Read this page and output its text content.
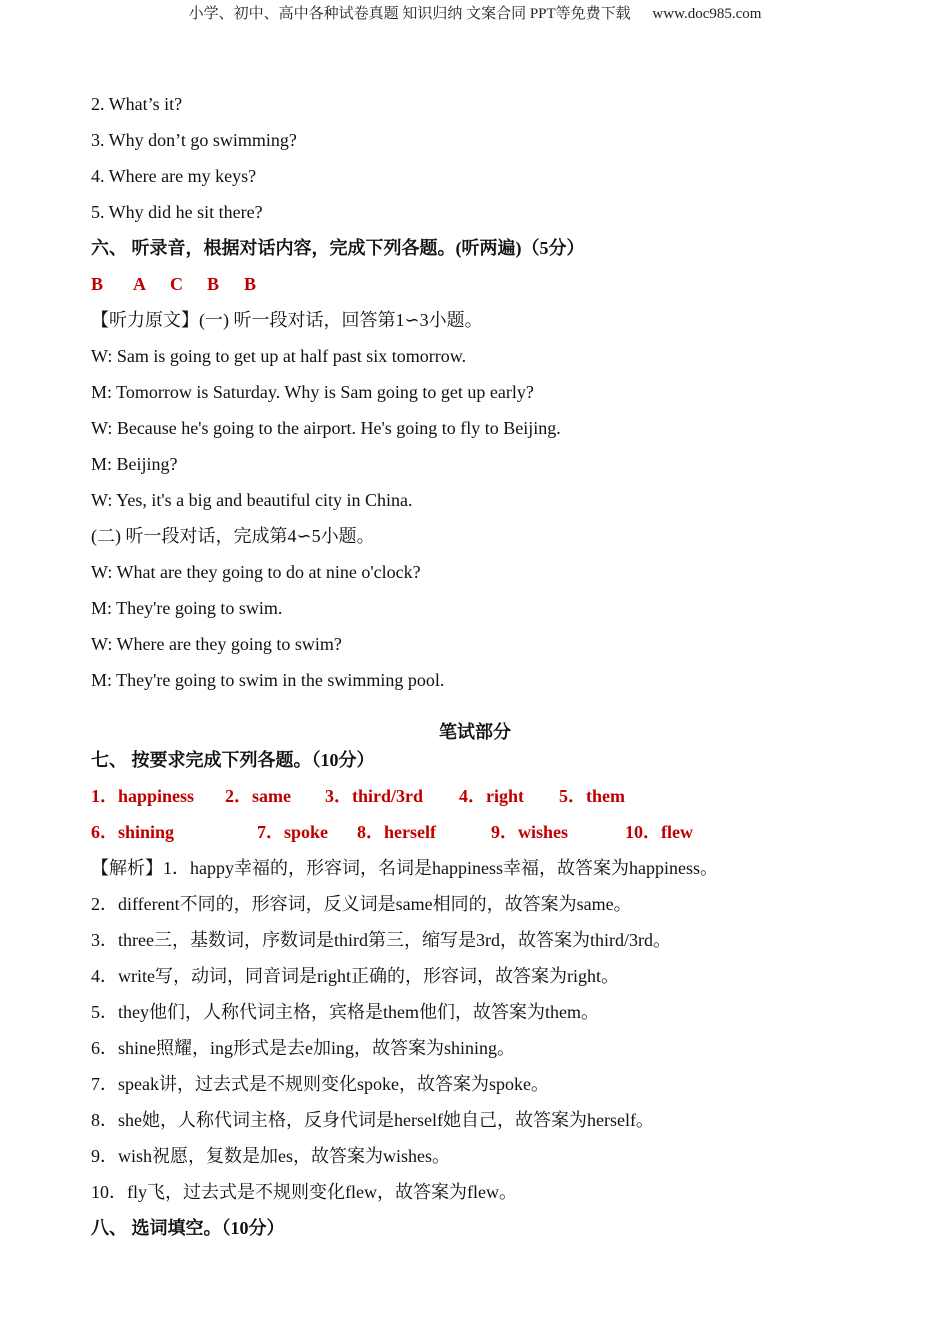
小学、初中、高中各种试卷真题 知识归纳 文案合同 PPT等免费下载 www.doc985.com
2. What’s it?
3. Why don’t go swimming?
4. Where are my keys?
5. Why did he sit there?
六、 听录音，根据对话内容，完成下列各题。(听两遍)（5分）
B A C B B
【听力原文】(一) 听一段对话，回答第1∽3小题。
W: Sam is going to get up at half past six tomorrow.
M: Tomorrow is Saturday. Why is Sam going to get up early?
W: Because he's going to the airport. He's going to fly to Beijing.
M: Beijing?
W: Yes, it's a big and beautiful city in China.
(二) 听一段对话，完成第4∽5小题。
W: What are they going to do at nine o'clock?
M: They're going to swim.
W: Where are they going to swim?
M: They're going to swim in the swimming pool.
笔试部分
七、 按要求完成下列各题。（10分）
1．happiness 2．same 3．third/3rd 4．right 5．them
6．shining	7．spoke 8．herself	9．wishes	10．flew
【解析】1．happy幸福的，形容词，名词是happiness幸福，故答案为happiness。
2．different不同的，形容词，反义词是same相同的，故答案为same。
3．three三，基数词，序数词是third第三，缩写是3rd，故答案为third/3rd。
4．write写，动词，同音词是right正确的，形容词，故答案为right。
5．they他们，人称代词主格，宾格是them他们，故答案为them。
6．shine照耀，ing形式是去e加ing，故答案为shining。
7．speak讲，过去式是不规则变化spoke，故答案为spoke。
8．she她，人称代词主格，反身代词是herself她自己，故答案为herself。
9．wish祝愿，复数是加es，故答案为wishes。
10．fly飞，过去式是不规则变化flew，故答案为flew。
八、 选词填空。（10分）
